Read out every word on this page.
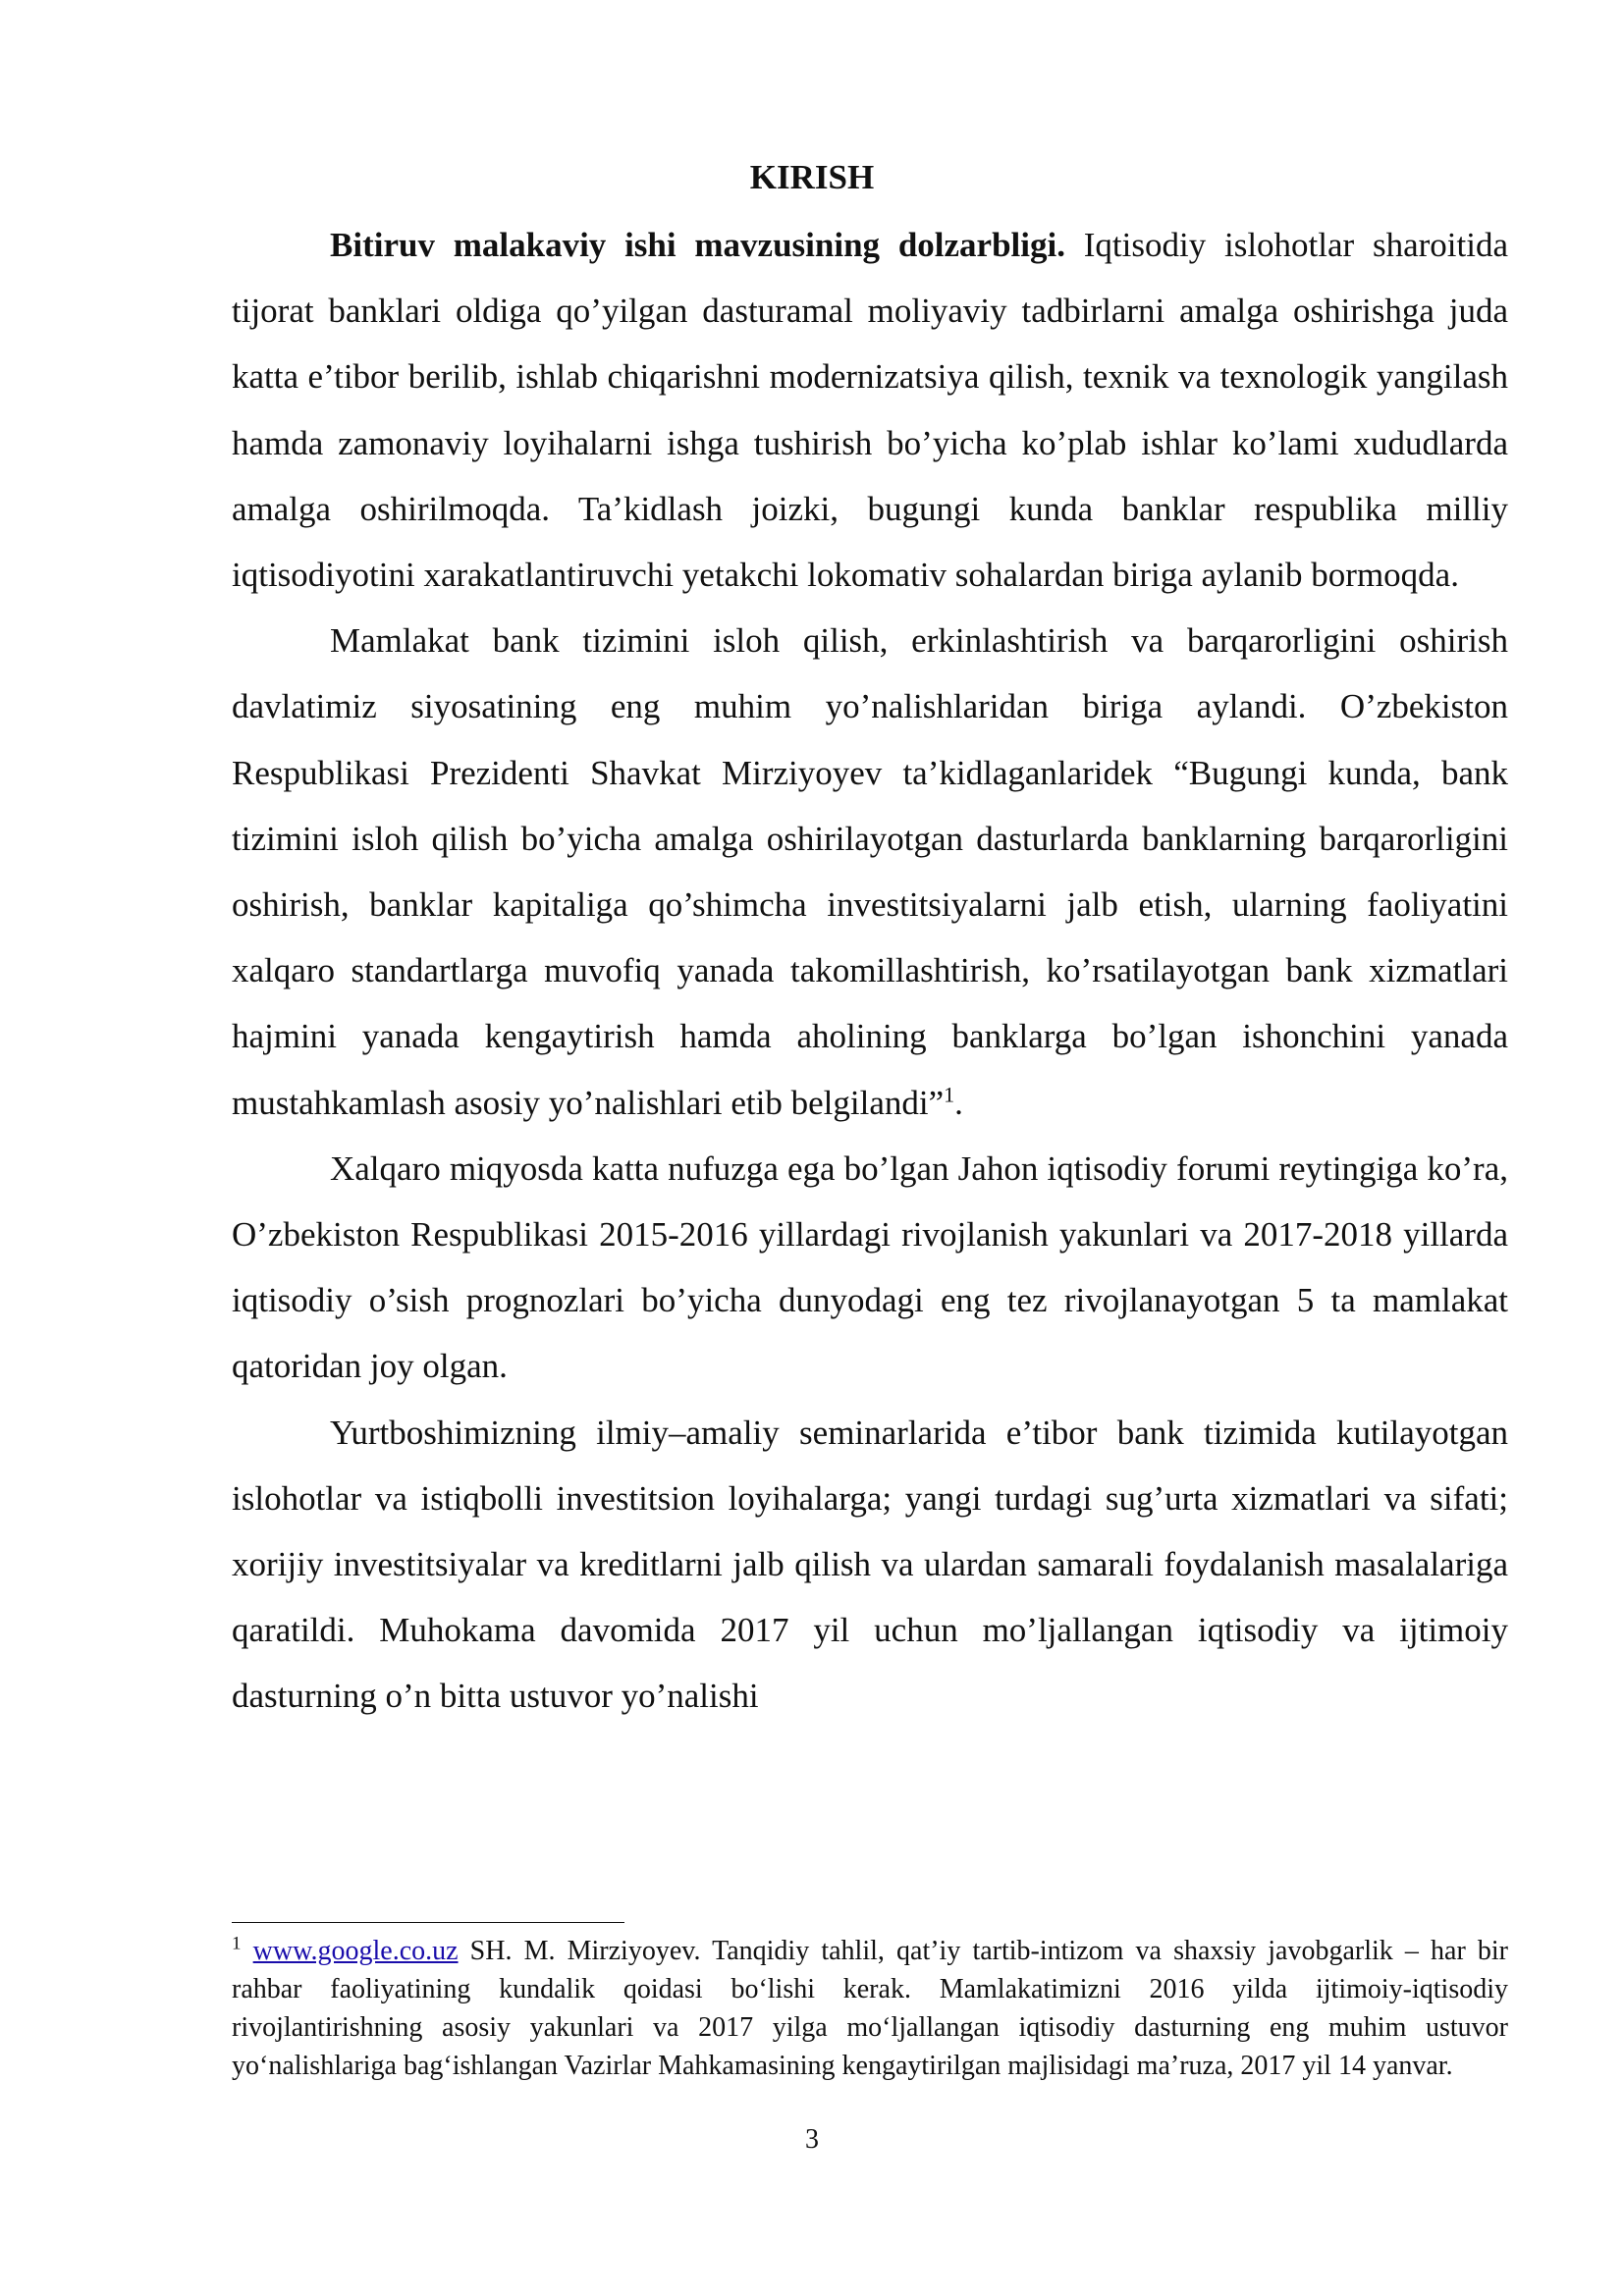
KIRISH

Bitiruv malakaviy ishi mavzusining dolzarbligi. Iqtisodiy islohotlar sharoitida tijorat banklari oldiga qo’yilgan dasturamal moliyaviy tadbirlarni amalga oshirishga juda katta e’tibor berilib, ishlab chiqarishni modernizatsiya qilish, texnik va texnologik yangilash hamda zamonaviy loyihalarni ishga tushirish bo’yicha ko’plab ishlar ko’lami xududlarda amalga oshirilmoqda. Ta’kidlash joizki, bugungi kunda banklar respublika milliy iqtisodiyotini xarakatlantiruvchi yetakchi lokomativ sohalardan biriga aylanib bormoqda.

Mamlakat bank tizimini isloh qilish, erkinlashtirish va barqarorligini oshirish davlatimiz siyosatining eng muhim yo’nalishlaridan biriga aylandi. O’zbekiston Respublikasi Prezidenti Shavkat Mirziyoyev ta’kidlaganlaridek “Bugungi kunda, bank tizimini isloh qilish bo’yicha amalga oshirilayotgan dasturlarda banklarning barqarorligini oshirish, banklar kapitaliga qo’shimcha investitsiyalarni jalb etish, ularning faoliyatini xalqaro standartlarga muvofiq yanada takomillashtirish, ko’rsatilayotgan bank xizmatlari hajmini yanada kengaytirish hamda aholining banklarga bo’lgan ishonchini yanada mustahkamlash asosiy yo’nalishlari etib belgilandi”$^1$.

Xalqaro miqyosda katta nufuzga ega bo’lgan Jahon iqtisodiy forumi reytingiga ko’ra, O’zbekiston Respublikasi 2015-2016 yillardagi rivojlanish yakunlari va 2017-2018 yillarda iqtisodiy o’sish prognozlari bo’yicha dunyodagi eng tez rivojlanayotgan 5 ta mamlakat qatoridan joy olgan.

Yurtboshimizning ilmiy–amaliy seminarlarida e’tibor bank tizimida kutilayotgan islohotlar va istiqbolli investitsion loyihalarga; yangi turdagi sug’urta xizmatlari va sifati; xorijiy investitsiyalar va kreditlarni jalb qilish va ulardan samarali foydalanish masalalariga qaratildi. Muhokama davomida 2017 yil uchun mo’ljallangan iqtisodiy va ijtimoiy dasturning o’n bitta ustuvor yo’nalishi

$^1$ www.google.co.uz SH. M. Mirziyoyev. Tanqidiy tahlil, qat’iy tartib-intizom va shaxsiy javobgarlik – har bir rahbar faoliyatining kundalik qoidasi bo‘lishi kerak. Mamlakatimizni 2016 yilda ijtimoiy-iqtisodiy rivojlantirishning asosiy yakunlari va 2017 yilga mo‘ljallangan iqtisodiy dasturning eng muhim ustuvor yo‘nalishlariga bag‘ishlangan Vazirlar Mahkamasining kengaytirilgan majlisidagi ma’ruza, 2017 yil 14 yanvar.

3
